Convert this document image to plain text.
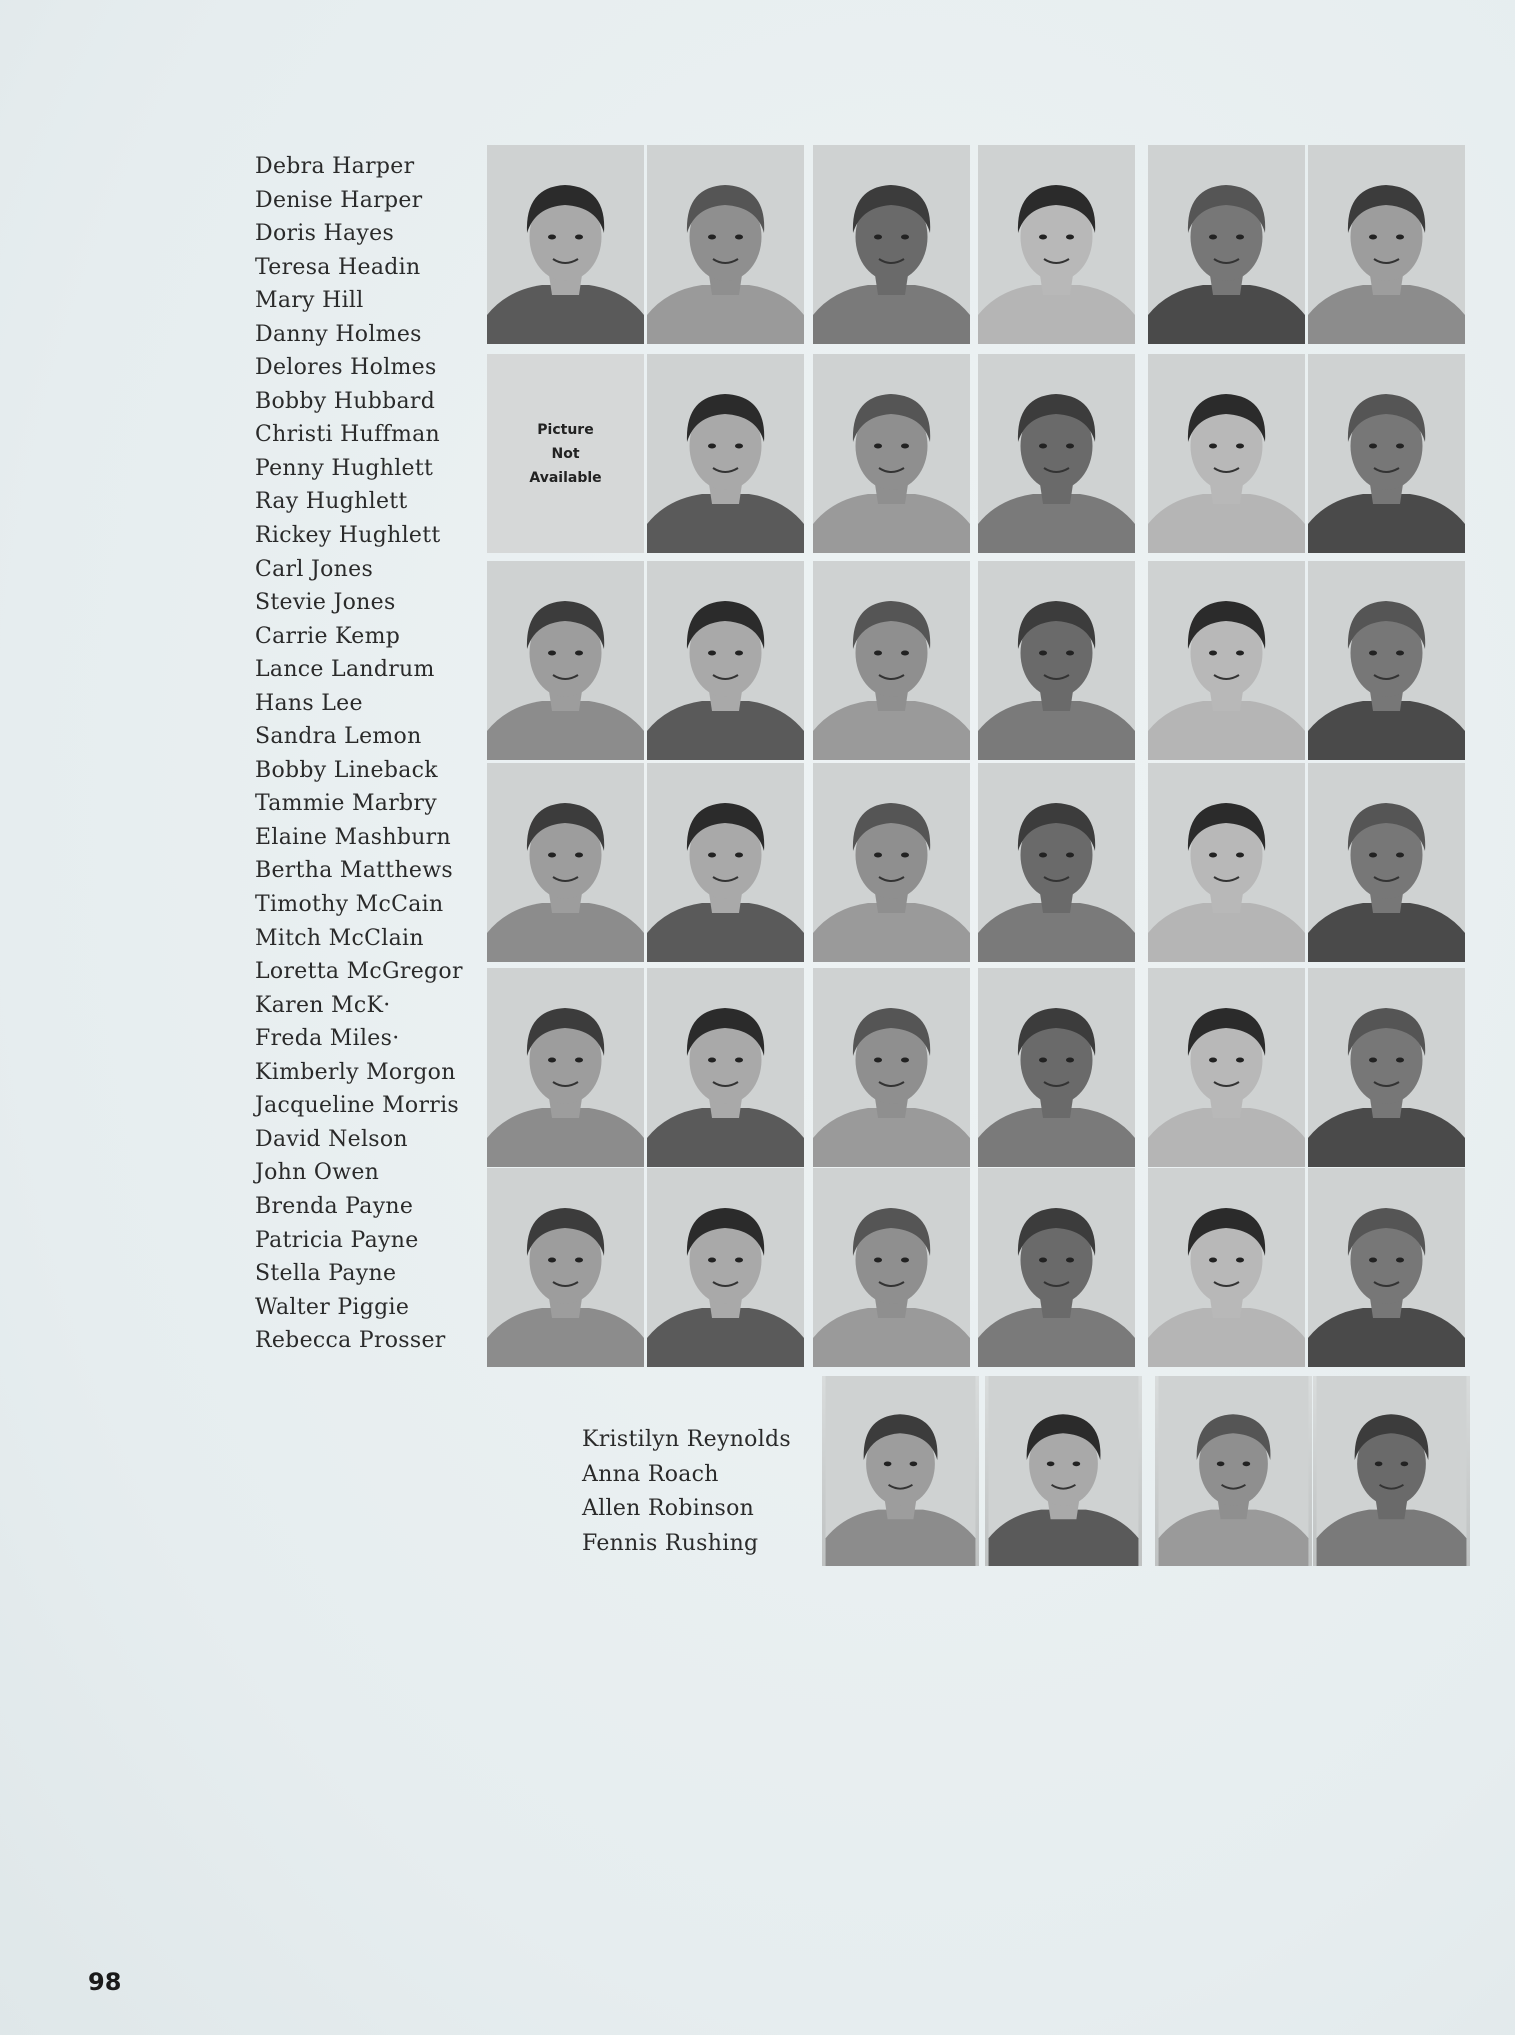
Debra Harper
Denise Harper
Doris Hayes
Teresa Headin
Mary Hill
Danny Holmes
Delores Holmes
Bobby Hubbard
Christi Huffman
Penny Hughlett
Ray Hughlett
Rickey Hughlett
Carl Jones
Stevie Jones
Carrie Kemp
Lance Landrum
Hans Lee
Sandra Lemon
Bobby Lineback
Tammie Marbry
Elaine Mashburn
Bertha Matthews
Timothy McCain
Mitch McClain
Loretta McGregor
Karen McK·
Freda Miles·
Kimberly Morgon
Jacqueline Morris
David Nelson
John Owen
Brenda Payne
Patricia Payne
Stella Payne
Walter Piggie
Rebecca Prosser
Picture
Not
Available
Kristilyn Reynolds
Anna Roach
Allen Robinson
Fennis Rushing
98
